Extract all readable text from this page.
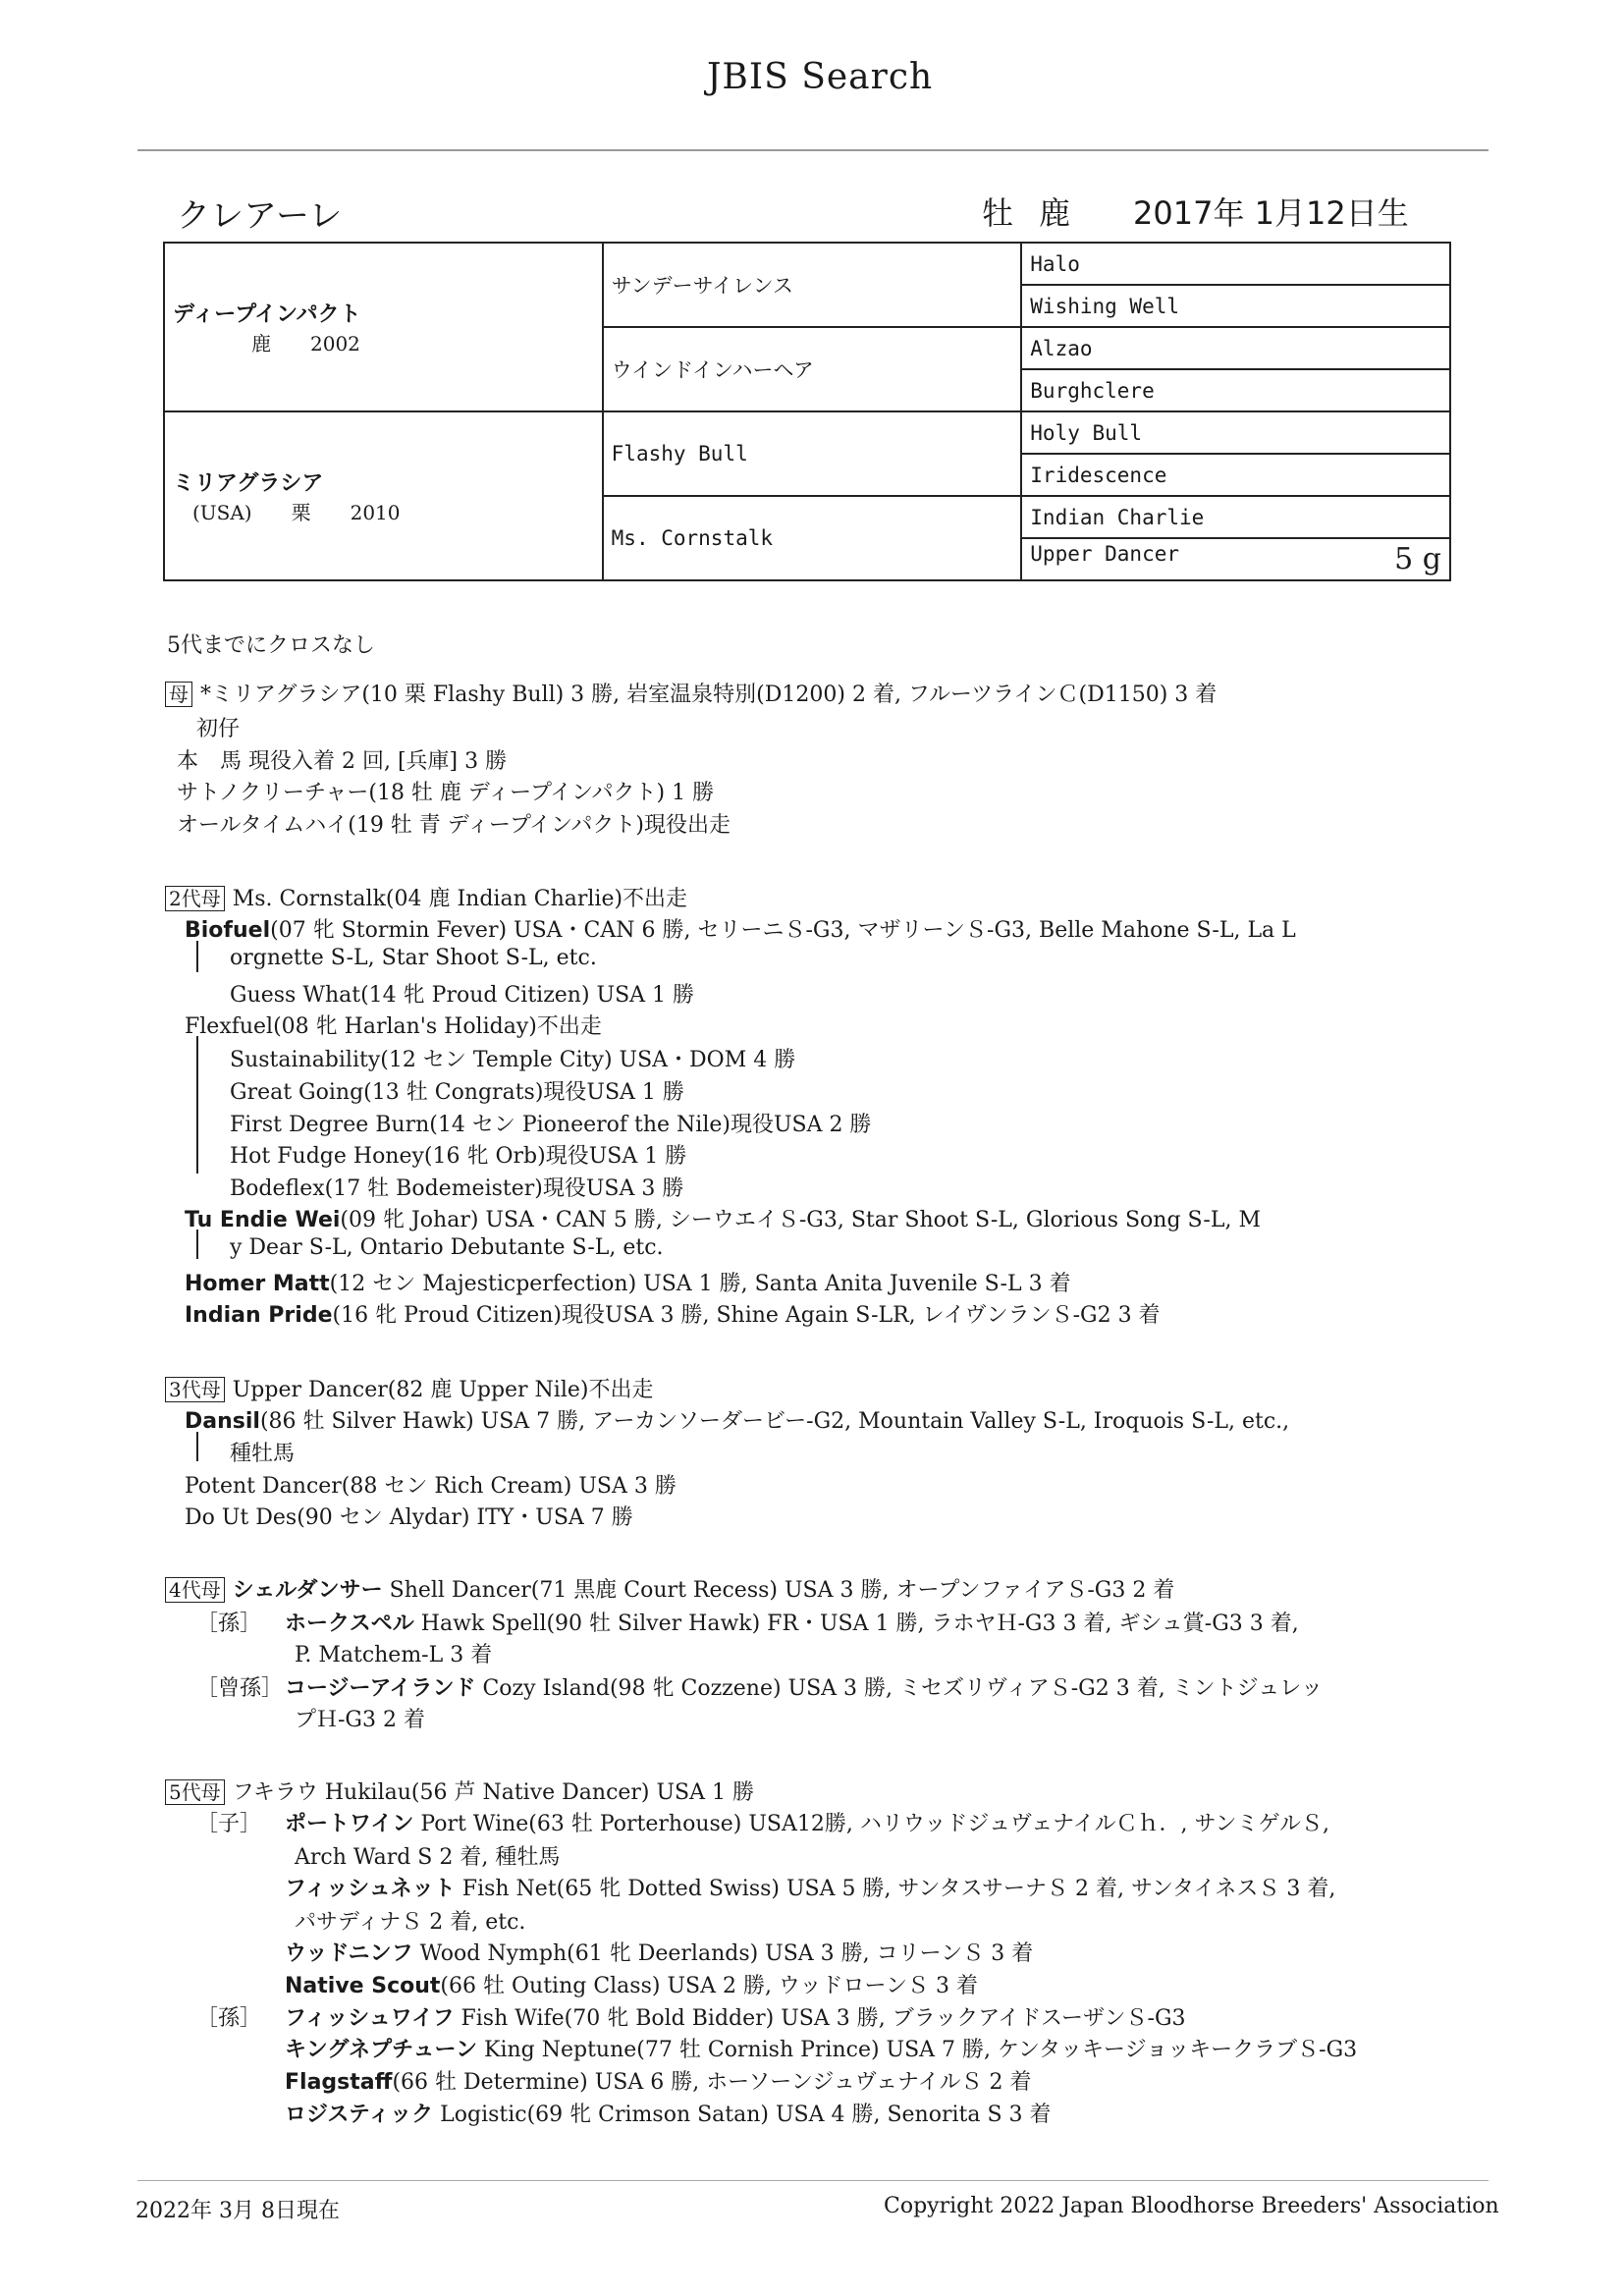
JBIS Search
クレアーレ	牡 鹿 2017年 1月12日生
ディープインパクト
鹿　　2002	サンデーサイレンス	Halo
		Wishing Well
	ウインドインハーヘア	Alzao
		Burghclere

ミリアグラシア
(USA)　　栗　　2010	Flashy Bull	Holy Bull
		Iridescence
	Ms. Cornstalk	Indian Charlie
		Upper Dancer 5 g
5代までにクロスなし
母 *ミリアグラシア(10 栗 Flashy Bull) 3 勝, 岩室温泉特別(D1200) 2 着, フルーツラインＣ(D1150) 3 着
初仔
本　馬 現役入着 2 回, [兵庫] 3 勝
サトノクリーチャー(18 牡 鹿 ディープインパクト) 1 勝
オールタイムハイ(19 牡 青 ディープインパクト)現役出走
2代母 Ms. Cornstalk(04 鹿 Indian Charlie)不出走
Biofuel(07 牝 Stormin Fever) USA・CAN 6 勝, セリーニＳ-G3, マザリーンＳ-G3, Belle Mahone S-L, La L
orgnette S-L, Star Shoot S-L, etc.
Guess What(14 牝 Proud Citizen) USA 1 勝
Flexfuel(08 牝 Harlan's Holiday)不出走
Sustainability(12 セン Temple City) USA・DOM 4 勝
Great Going(13 牡 Congrats)現役USA 1 勝
First Degree Burn(14 セン Pioneerof the Nile)現役USA 2 勝
Hot Fudge Honey(16 牝 Orb)現役USA 1 勝
Bodeflex(17 牡 Bodemeister)現役USA 3 勝
Tu Endie Wei(09 牝 Johar) USA・CAN 5 勝, シーウエイＳ-G3, Star Shoot S-L, Glorious Song S-L, M
y Dear S-L, Ontario Debutante S-L, etc.
Homer Matt(12 セン Majesticperfection) USA 1 勝, Santa Anita Juvenile S-L 3 着
Indian Pride(16 牝 Proud Citizen)現役USA 3 勝, Shine Again S-LR, レイヴンランＳ-G2 3 着
3代母 Upper Dancer(82 鹿 Upper Nile)不出走
Dansil(86 牡 Silver Hawk) USA 7 勝, アーカンソーダービー-G2, Mountain Valley S-L, Iroquois S-L, etc.,
種牡馬
Potent Dancer(88 セン Rich Cream) USA 3 勝
Do Ut Des(90 セン Alydar) ITY・USA 7 勝
4代母 シェルダンサー Shell Dancer(71 黒鹿 Court Recess) USA 3 勝, オープンファイアＳ-G3 2 着
［孫］ ホークスペル Hawk Spell(90 牡 Silver Hawk) FR・USA 1 勝, ラホヤＨ-G3 3 着, ギシュ賞-G3 3 着,
P. Matchem-L 3 着
［曾孫］コージーアイランド Cozy Island(98 牝 Cozzene) USA 3 勝, ミセズリヴィアＳ-G2 3 着, ミントジュレッ
プＨ-G3 2 着
5代母 フキラウ Hukilau(56 芦 Native Dancer) USA 1 勝
［子］ ポートワイン Port Wine(63 牡 Porterhouse) USA12勝, ハリウッドジュヴェナイルＣｈ．, サンミゲルＳ,
Arch Ward S 2 着, 種牡馬
フィッシュネット Fish Net(65 牝 Dotted Swiss) USA 5 勝, サンタスサーナＳ 2 着, サンタイネスＳ 3 着,
パサディナＳ 2 着, etc.
ウッドニンフ Wood Nymph(61 牝 Deerlands) USA 3 勝, コリーンＳ 3 着
Native Scout(66 牡 Outing Class) USA 2 勝, ウッドローンＳ 3 着
［孫］ フィッシュワイフ Fish Wife(70 牝 Bold Bidder) USA 3 勝, ブラックアイドスーザンＳ-G3
キングネプチューン King Neptune(77 牡 Cornish Prince) USA 7 勝, ケンタッキージョッキークラブＳ-G3
Flagstaff(66 牡 Determine) USA 6 勝, ホーソーンジュヴェナイルＳ 2 着
ロジスティック Logistic(69 牝 Crimson Satan) USA 4 勝, Senorita S 3 着
2022年 3月 8日現在	Copyright 2022 Japan Bloodhorse Breeders' Association
